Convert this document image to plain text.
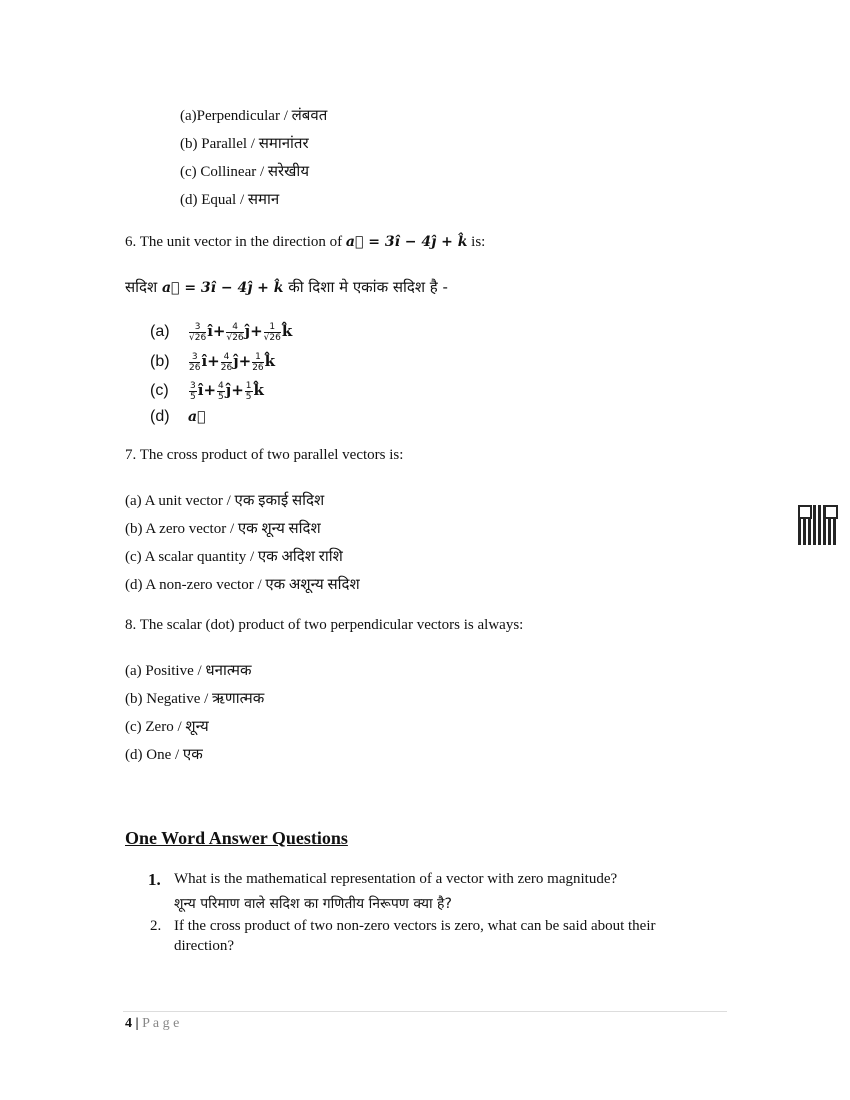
(a)Perpendicular / लंबवत
(b) Parallel / समानांतर
(c) Collinear / सरेखीय
(d) Equal / समान
6. The unit vector in the direction of a⃗ = 3î − 4ĵ + k̂ is:
सदिश a⃗ = 3î − 4ĵ + k̂ की दिशा मे एकांक सदिश है -
$(a) \frac{3}{√26}$ î+ $\frac{4}{√26}$ ĵ+ $\frac{1}{√26}$ k̂
$(b) \frac{3}{26}$ î+ $\frac{4}{26}$ ĵ+ $\frac{1}{26}$ k̂
$(c) \frac{3}{5}$ î+ $\frac{4}{5}$ ĵ+ $\frac{1}{5}$ k̂
(d) a⃗
7. The cross product of two parallel vectors is:
(a) A unit vector / एक इकाई सदिश
(b) A zero vector / एक शून्य सदिश
(c) A scalar quantity / एक अदिश राशि
(d) A non-zero vector / एक अशून्य सदिश
8. The scalar (dot) product of two perpendicular vectors is always:
(a) Positive / धनात्मक
(b) Negative / ऋणात्मक
(c) Zero / शून्य
(d) One / एक
One Word Answer Questions
1. What is the mathematical representation of a vector with zero magnitude?
शून्य परिमाण वाले सदिश का गणितीय निरूपण क्या है?
2. If the cross product of two non-zero vectors is zero, what can be said about their
direction?
4 | P a g e
